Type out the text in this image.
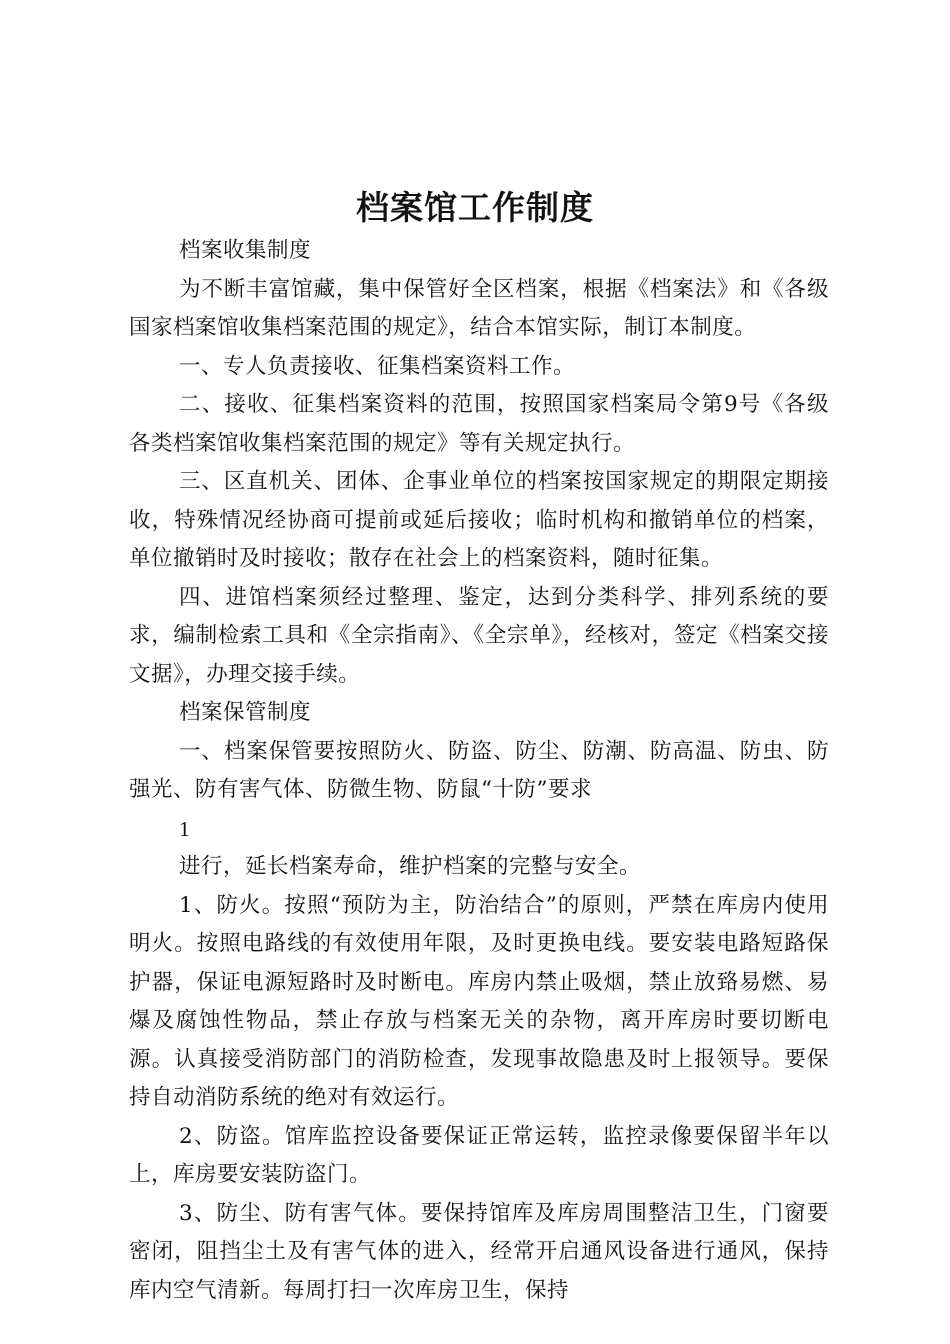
档案馆工作制度

档案收集制度

为不断丰富馆藏，集中保管好全区档案，根据《档案法》和《各级国家档案馆收集档案范围的规定》，结合本馆实际，制订本制度。

一、专人负责接收、征集档案资料工作。

二、接收、征集档案资料的范围，按照国家档案局令第9号《各级各类档案馆收集档案范围的规定》等有关规定执行。

三、区直机关、团体、企事业单位的档案按国家规定的期限定期接收，特殊情况经协商可提前或延后接收；临时机构和撤销单位的档案，单位撤销时及时接收；散存在社会上的档案资料，随时征集。

四、进馆档案须经过整理、鉴定，达到分类科学、排列系统的要求，编制检索工具和《全宗指南》、《全宗单》，经核对，签定《档案交接文据》，办理交接手续。

档案保管制度

一、档案保管要按照防火、防盗、防尘、防潮、防高温、防虫、防强光、防有害气体、防微生物、防鼠“十防”要求

1

进行，延长档案寿命，维护档案的完整与安全。

1、防火。按照“预防为主，防治结合”的原则，严禁在库房内使用明火。按照电路线的有效使用年限，及时更换电线。要安装电路短路保护器，保证电源短路时及时断电。库房内禁止吸烟，禁止放臵易燃、易爆及腐蚀性物品，禁止存放与档案无关的杂物，离开库房时要切断电源。认真接受消防部门的消防检查，发现事故隐患及时上报领导。要保持自动消防系统的绝对有效运行。

2、防盗。馆库监控设备要保证正常运转，监控录像要保留半年以上，库房要安装防盗门。

3、防尘、防有害气体。要保持馆库及库房周围整洁卫生，门窗要密闭，阻挡尘土及有害气体的进入，经常开启通风设备进行通风，保持库内空气清新。每周打扫一次库房卫生，保持
